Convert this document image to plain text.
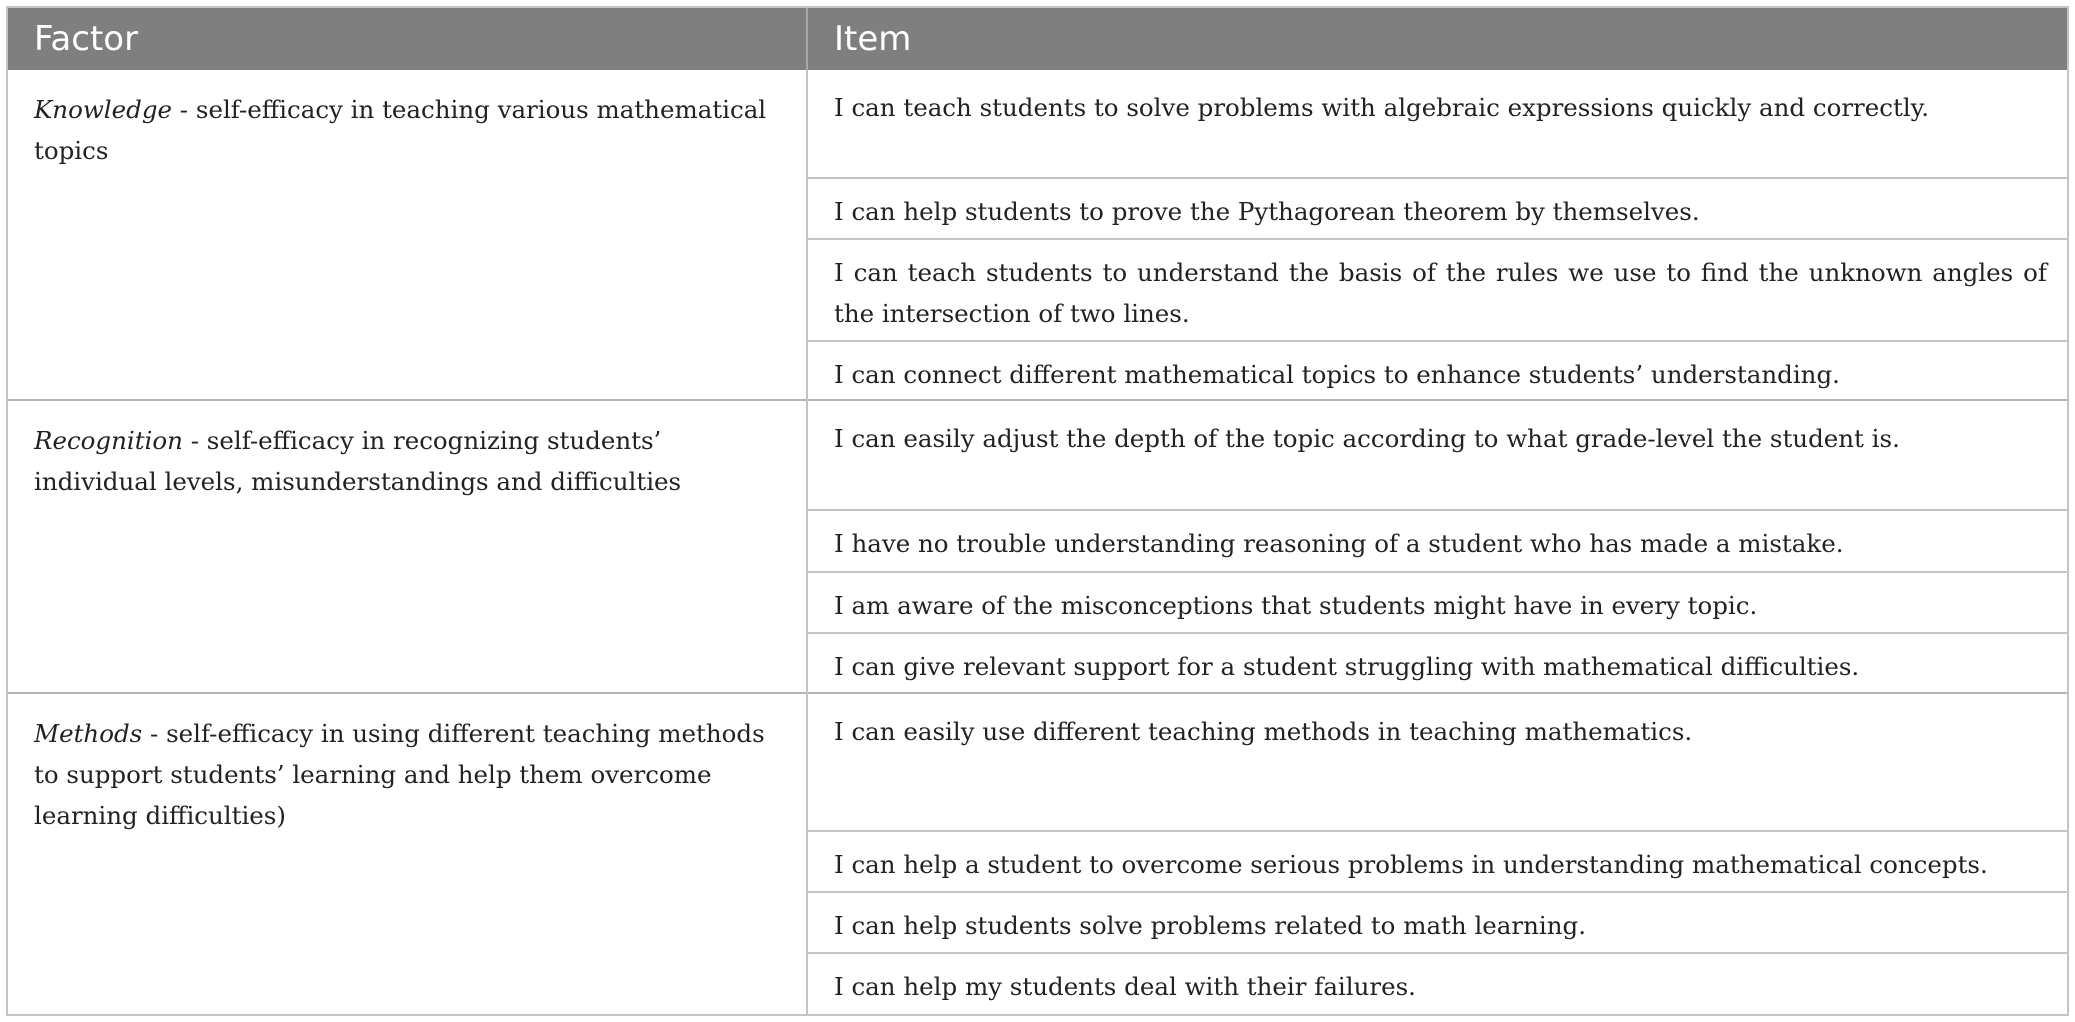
Factor	Item
Knowledge - self-efficacy in teaching various mathematical topics
I can teach students to solve problems with algebraic expressions quickly and correctly.
I can help students to prove the Pythagorean theorem by themselves.
I can teach students to understand the basis of the rules we use to find the unknown angles of the intersection of two lines.
I can connect different mathematical topics to enhance students’ understanding.
Recognition - self-efficacy in recognizing students’ individual levels, misunderstandings and difficulties
I can easily adjust the depth of the topic according to what grade-level the student is.
I have no trouble understanding reasoning of a student who has made a mistake.
I am aware of the misconceptions that students might have in every topic.
I can give relevant support for a student struggling with mathematical difficulties.
Methods - self-efficacy in using different teaching methods to support students’ learning and help them overcome learning difficulties)
I can easily use different teaching methods in teaching mathematics.
I can help a student to overcome serious problems in understanding mathematical concepts.
I can help students solve problems related to math learning.
I can help my students deal with their failures.
